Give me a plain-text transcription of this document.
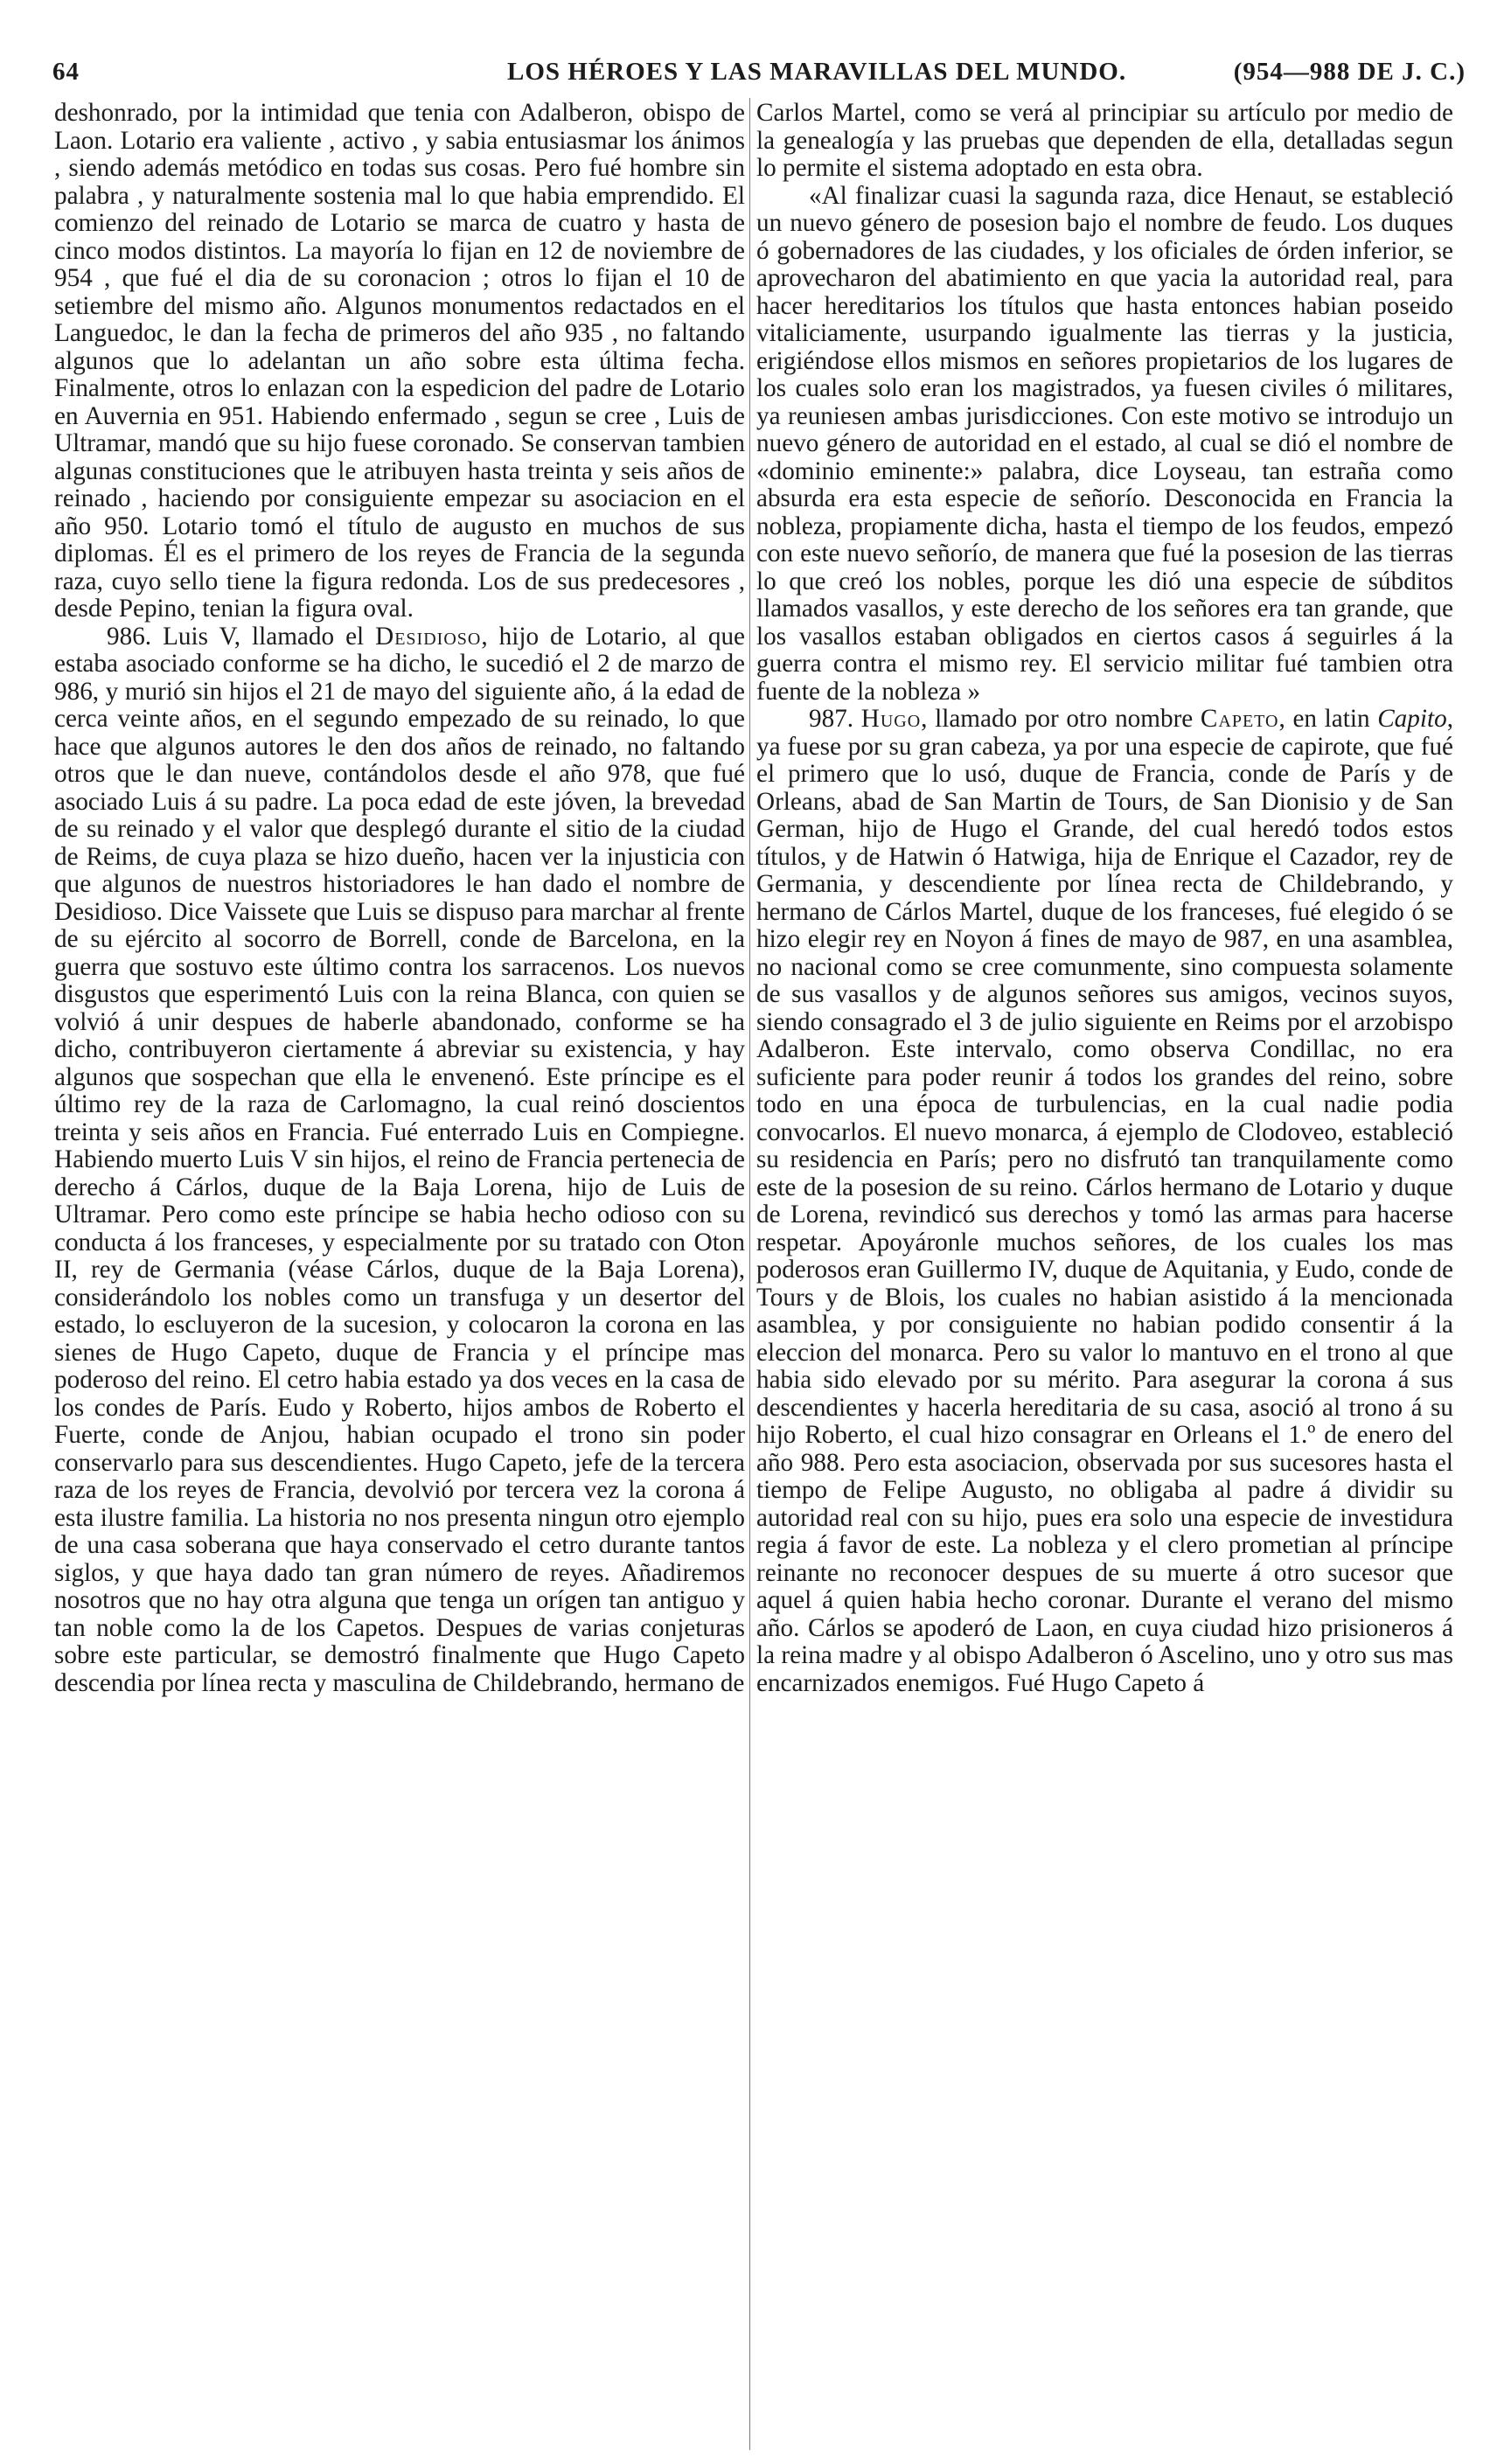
64	LOS HÉROES Y LAS MARAVILLAS DEL MUNDO.	(954—988 DE J. C.)

deshonrado, por la intimidad que tenia con Adalberon, obispo de Laon. Lotario era valiente , activo , y sabia entusiasmar los ánimos , siendo además metódico en todas sus cosas. Pero fué hombre sin palabra , y naturalmente sostenia mal lo que habia emprendido. El comienzo del reinado de Lotario se marca de cuatro y hasta de cinco modos distintos. La mayoría lo fijan en 12 de noviembre de 954 , que fué el dia de su coronacion ; otros lo fijan el 10 de setiembre del mismo año. Algunos monumentos redactados en el Languedoc, le dan la fecha de primeros del año 935 , no faltando algunos que lo adelantan un año sobre esta última fecha. Finalmente, otros lo enlazan con la espedicion del padre de Lotario en Auvernia en 951. Habiendo enfermado , segun se cree , Luis de Ultramar, mandó que su hijo fuese coronado. Se conservan tambien algunas constituciones que le atribuyen hasta treinta y seis años de reinado , haciendo por consiguiente empezar su asociacion en el año 950. Lotario tomó el título de augusto en muchos de sus diplomas. Él es el primero de los reyes de Francia de la segunda raza, cuyo sello tiene la figura redonda. Los de sus predecesores , desde Pepino, tenian la figura oval.

986. Luis V, llamado el Desidioso, hijo de Lotario, al que estaba asociado conforme se ha dicho, le sucedió el 2 de marzo de 986, y murió sin hijos el 21 de mayo del siguiente año, á la edad de cerca veinte años, en el segundo empezado de su reinado, lo que hace que algunos autores le den dos años de reinado, no faltando otros que le dan nueve, contándolos desde el año 978, que fué asociado Luis á su padre. La poca edad de este jóven, la brevedad de su reinado y el valor que desplegó durante el sitio de la ciudad de Reims, de cuya plaza se hizo dueño, hacen ver la injusticia con que algunos de nuestros historiadores le han dado el nombre de Desidioso. Dice Vaissete que Luis se dispuso para marchar al frente de su ejército al socorro de Borrell, conde de Barcelona, en la guerra que sostuvo este último contra los sarracenos. Los nuevos disgustos que esperimentó Luis con la reina Blanca, con quien se volvió á unir despues de haberle abandonado, conforme se ha dicho, contribuyeron ciertamente á abreviar su existencia, y hay algunos que sospechan que ella le envenenó. Este príncipe es el último rey de la raza de Carlomagno, la cual reinó doscientos treinta y seis años en Francia. Fué enterrado Luis en Compiegne. Habiendo muerto Luis V sin hijos, el reino de Francia pertenecia de derecho á Cárlos, duque de la Baja Lorena, hijo de Luis de Ultramar. Pero como este príncipe se habia hecho odioso con su conducta á los franceses, y especialmente por su tratado con Oton II, rey de Germania (véase Cárlos, duque de la Baja Lorena), considerándolo los nobles como un transfuga y un desertor del estado, lo escluyeron de la sucesion, y colocaron la corona en las sienes de Hugo Capeto, duque de Francia y el príncipe mas poderoso del reino. El cetro habia estado ya dos veces en la casa de los condes de París. Eudo y Roberto, hijos ambos de Roberto el Fuerte, conde de Anjou, habian ocupado el trono sin poder conservarlo para sus descendientes. Hugo Capeto, jefe de la tercera raza de los reyes de Francia, devolvió por tercera vez la corona á esta ilustre familia. La historia no nos presenta ningun otro ejemplo de una casa soberana que haya conservado el cetro durante tantos siglos, y que haya dado tan gran número de reyes. Añadiremos nosotros que no hay otra alguna que tenga un orígen tan antiguo y tan noble como la de los Capetos. Despues de varias conjeturas sobre este particular, se demostró finalmente que Hugo Capeto descendia por línea recta y masculina de Childebrando, hermano de

Carlos Martel, como se verá al principiar su artículo por medio de la genealogía y las pruebas que dependen de ella, detalladas segun lo permite el sistema adoptado en esta obra.

«Al finalizar cuasi la sagunda raza, dice Henaut, se estableció un nuevo género de posesion bajo el nombre de feudo. Los duques ó gobernadores de las ciudades, y los oficiales de órden inferior, se aprovecharon del abatimiento en que yacia la autoridad real, para hacer hereditarios los títulos que hasta entonces habian poseido vitaliciamente, usurpando igualmente las tierras y la justicia, erigiéndose ellos mismos en señores propietarios de los lugares de los cuales solo eran los magistrados, ya fuesen civiles ó militares, ya reuniesen ambas jurisdicciones. Con este motivo se introdujo un nuevo género de autoridad en el estado, al cual se dió el nombre de «dominio eminente:» palabra, dice Loyseau, tan estraña como absurda era esta especie de señorío. Desconocida en Francia la nobleza, propiamente dicha, hasta el tiempo de los feudos, empezó con este nuevo señorío, de manera que fué la posesion de las tierras lo que creó los nobles, porque les dió una especie de súbditos llamados vasallos, y este derecho de los señores era tan grande, que los vasallos estaban obligados en ciertos casos á seguirles á la guerra contra el mismo rey. El servicio militar fué tambien otra fuente de la nobleza »

987. Hugo, llamado por otro nombre Capeto, en latin Capito, ya fuese por su gran cabeza, ya por una especie de capirote, que fué el primero que lo usó, duque de Francia, conde de París y de Orleans, abad de San Martin de Tours, de San Dionisio y de San German, hijo de Hugo el Grande, del cual heredó todos estos títulos, y de Hatwin ó Hatwiga, hija de Enrique el Cazador, rey de Germania, y descendiente por línea recta de Childebrando, y hermano de Cárlos Martel, duque de los franceses, fué elegido ó se hizo elegir rey en Noyon á fines de mayo de 987, en una asamblea, no nacional como se cree comunmente, sino compuesta solamente de sus vasallos y de algunos señores sus amigos, vecinos suyos, siendo consagrado el 3 de julio siguiente en Reims por el arzobispo Adalberon. Este intervalo, como observa Condillac, no era suficiente para poder reunir á todos los grandes del reino, sobre todo en una época de turbulencias, en la cual nadie podia convocarlos. El nuevo monarca, á ejemplo de Clodoveo, estableció su residencia en París; pero no disfrutó tan tranquilamente como este de la posesion de su reino. Cárlos hermano de Lotario y duque de Lorena, revindicó sus derechos y tomó las armas para hacerse respetar. Apoyáronle muchos señores, de los cuales los mas poderosos eran Guillermo IV, duque de Aquitania, y Eudo, conde de Tours y de Blois, los cuales no habian asistido á la mencionada asamblea, y por consiguiente no habian podido consentir á la eleccion del monarca. Pero su valor lo mantuvo en el trono al que habia sido elevado por su mérito. Para asegurar la corona á sus descendientes y hacerla hereditaria de su casa, asoció al trono á su hijo Roberto, el cual hizo consagrar en Orleans el 1.º de enero del año 988. Pero esta asociacion, observada por sus sucesores hasta el tiempo de Felipe Augusto, no obligaba al padre á dividir su autoridad real con su hijo, pues era solo una especie de investidura regia á favor de este. La nobleza y el clero prometian al príncipe reinante no reconocer despues de su muerte á otro sucesor que aquel á quien habia hecho coronar. Durante el verano del mismo año. Cárlos se apoderó de Laon, en cuya ciudad hizo prisioneros á la reina madre y al obispo Adalberon ó Ascelino, uno y otro sus mas encarnizados enemigos. Fué Hugo Capeto á
